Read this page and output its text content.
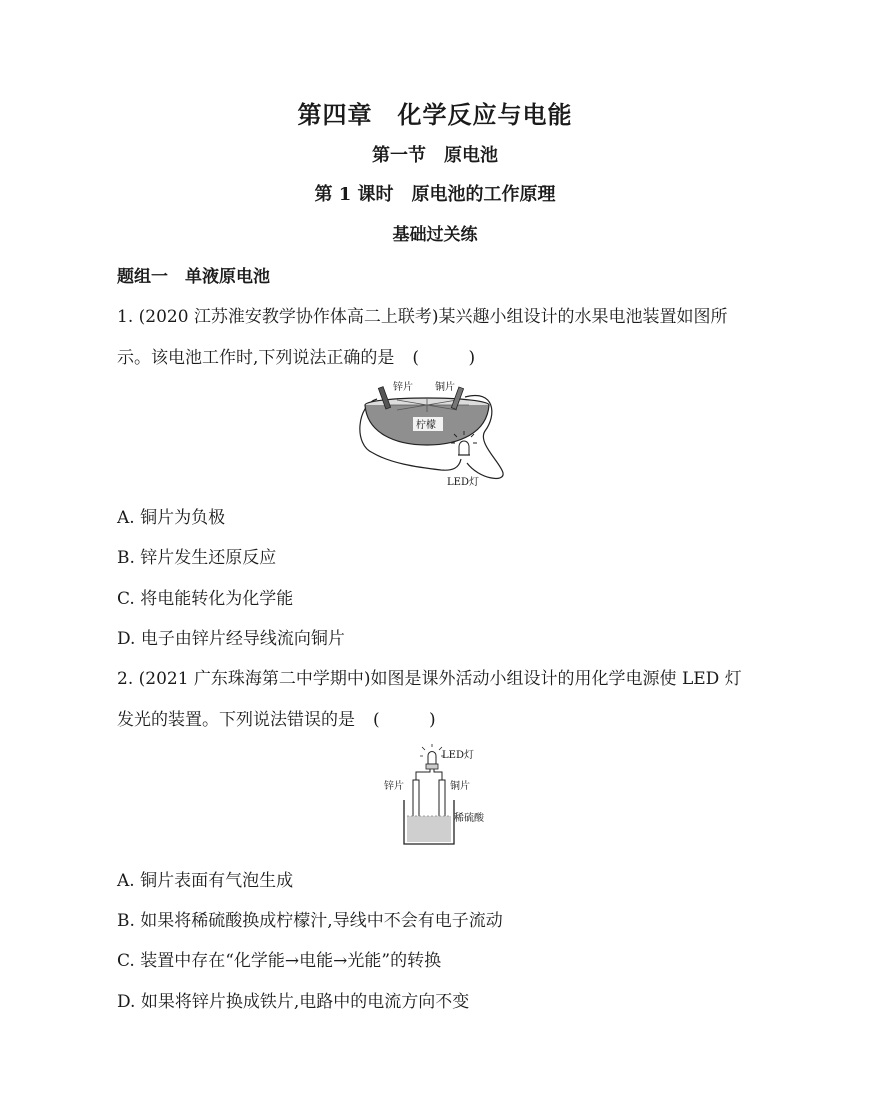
第四章　化学反应与电能
第一节　原电池
第 1 课时　原电池的工作原理
基础过关练
题组一　单液原电池
1. (2020 江苏淮安教学协作体高二上联考)某兴趣小组设计的水果电池装置如图所
示。该电池工作时,下列说法正确的是 ( )
锌片 铜片
柠檬
LED灯
A. 铜片为负极
B. 锌片发生还原反应
C. 将电能转化为化学能
D. 电子由锌片经导线流向铜片
2. (2021 广东珠海第二中学期中)如图是课外活动小组设计的用化学电源使 LED 灯
发光的装置。下列说法错误的是 ( )
LED灯
锌片	铜片
稀硫酸
A. 铜片表面有气泡生成
B. 如果将稀硫酸换成柠檬汁,导线中不会有电子流动
C. 装置中存在“化学能→电能→光能”的转换
D. 如果将锌片换成铁片,电路中的电流方向不变
